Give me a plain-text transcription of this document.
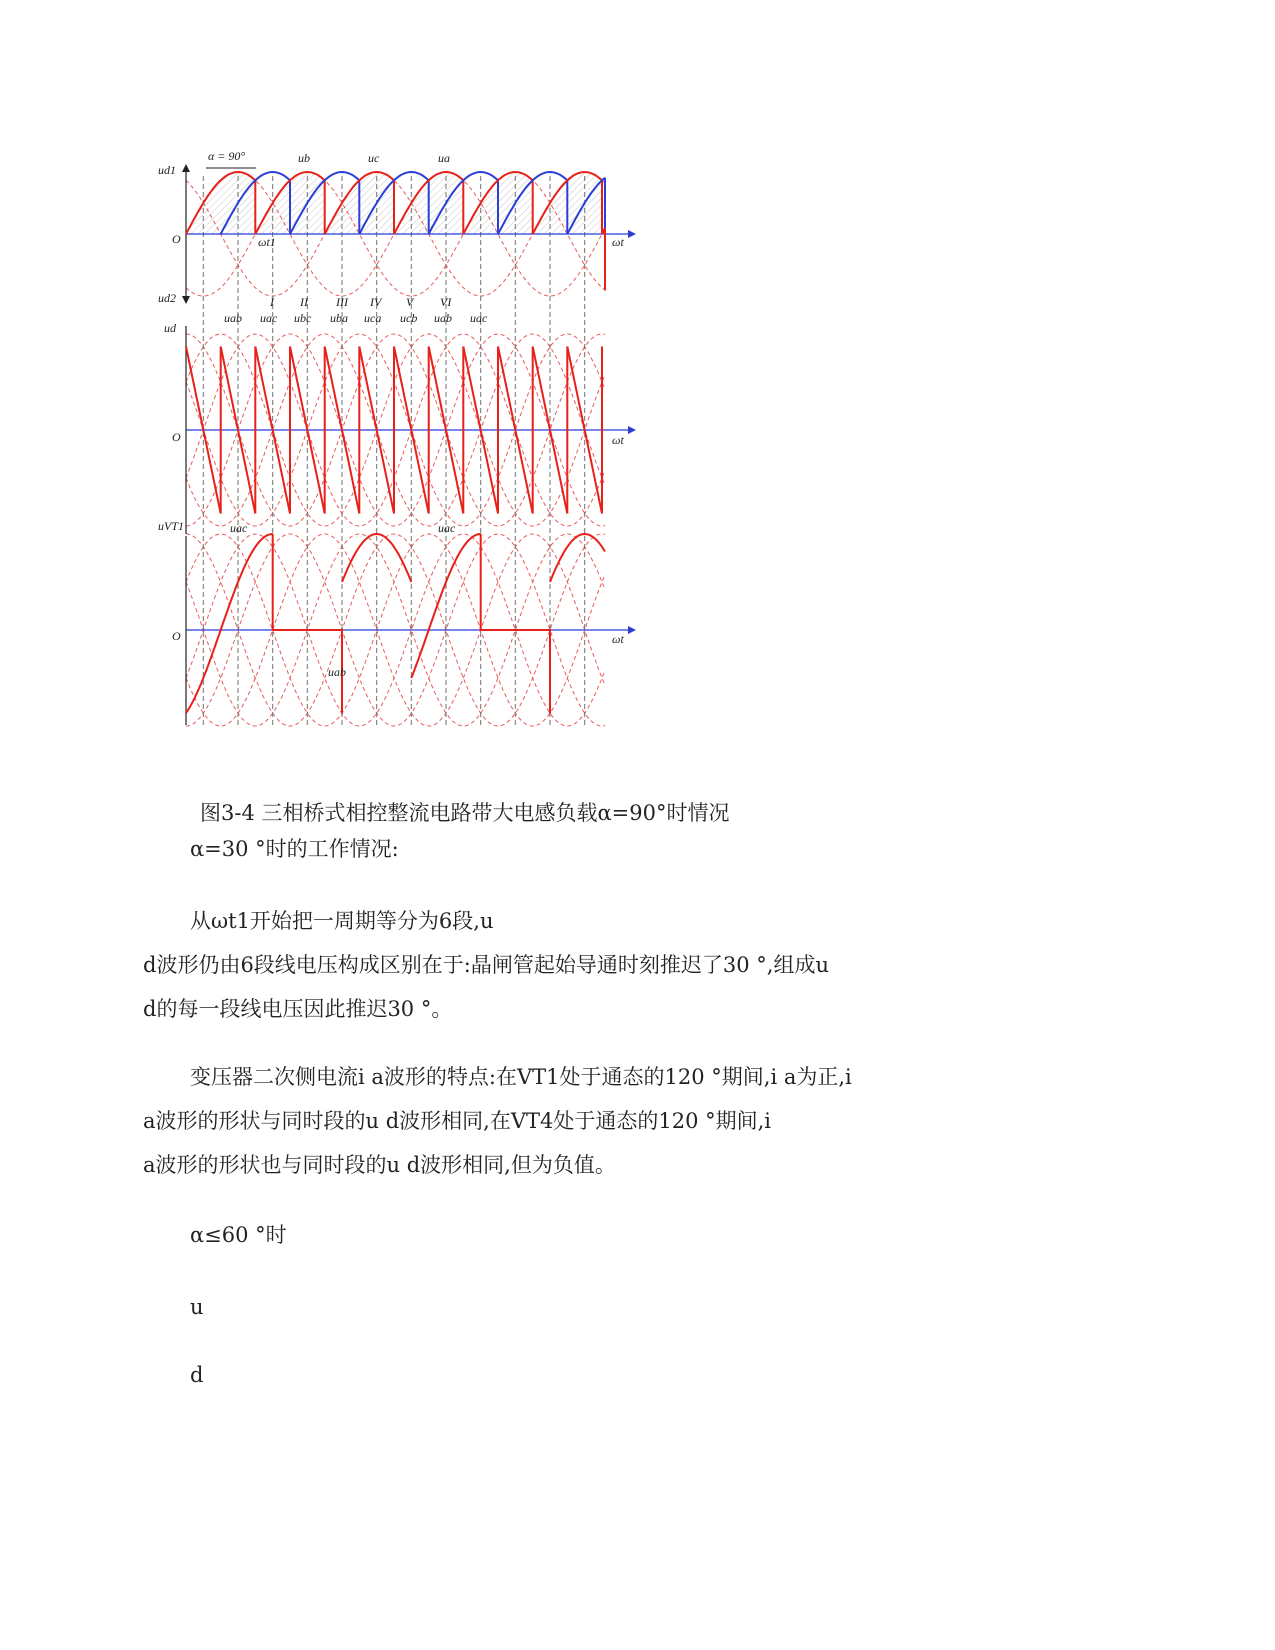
α = 90°	ub	uc	ua
ud1
ud2
ud
uVT1
O
O
O
ωt
ωt
ωt
ωt1
I II III IV V VI
uab uac ubc uba uca ucb uab uac
uac	uac
uab
图3-4 三相桥式相控整流电路带大电感负载α=90°时情况
α=30 °时的工作情况:
从ωt1开始把一周期等分为6段,u
d波形仍由6段线电压构成区别在于:晶闸管起始导通时刻推迟了30 °,组成u
d的每一段线电压因此推迟30 °。
变压器二次侧电流i a波形的特点:在VT1处于通态的120 °期间,i a为正,i
a波形的形状与同时段的u d波形相同,在VT4处于通态的120 °期间,i
a波形的形状也与同时段的u d波形相同,但为负值。
α≤60 °时
u
d
